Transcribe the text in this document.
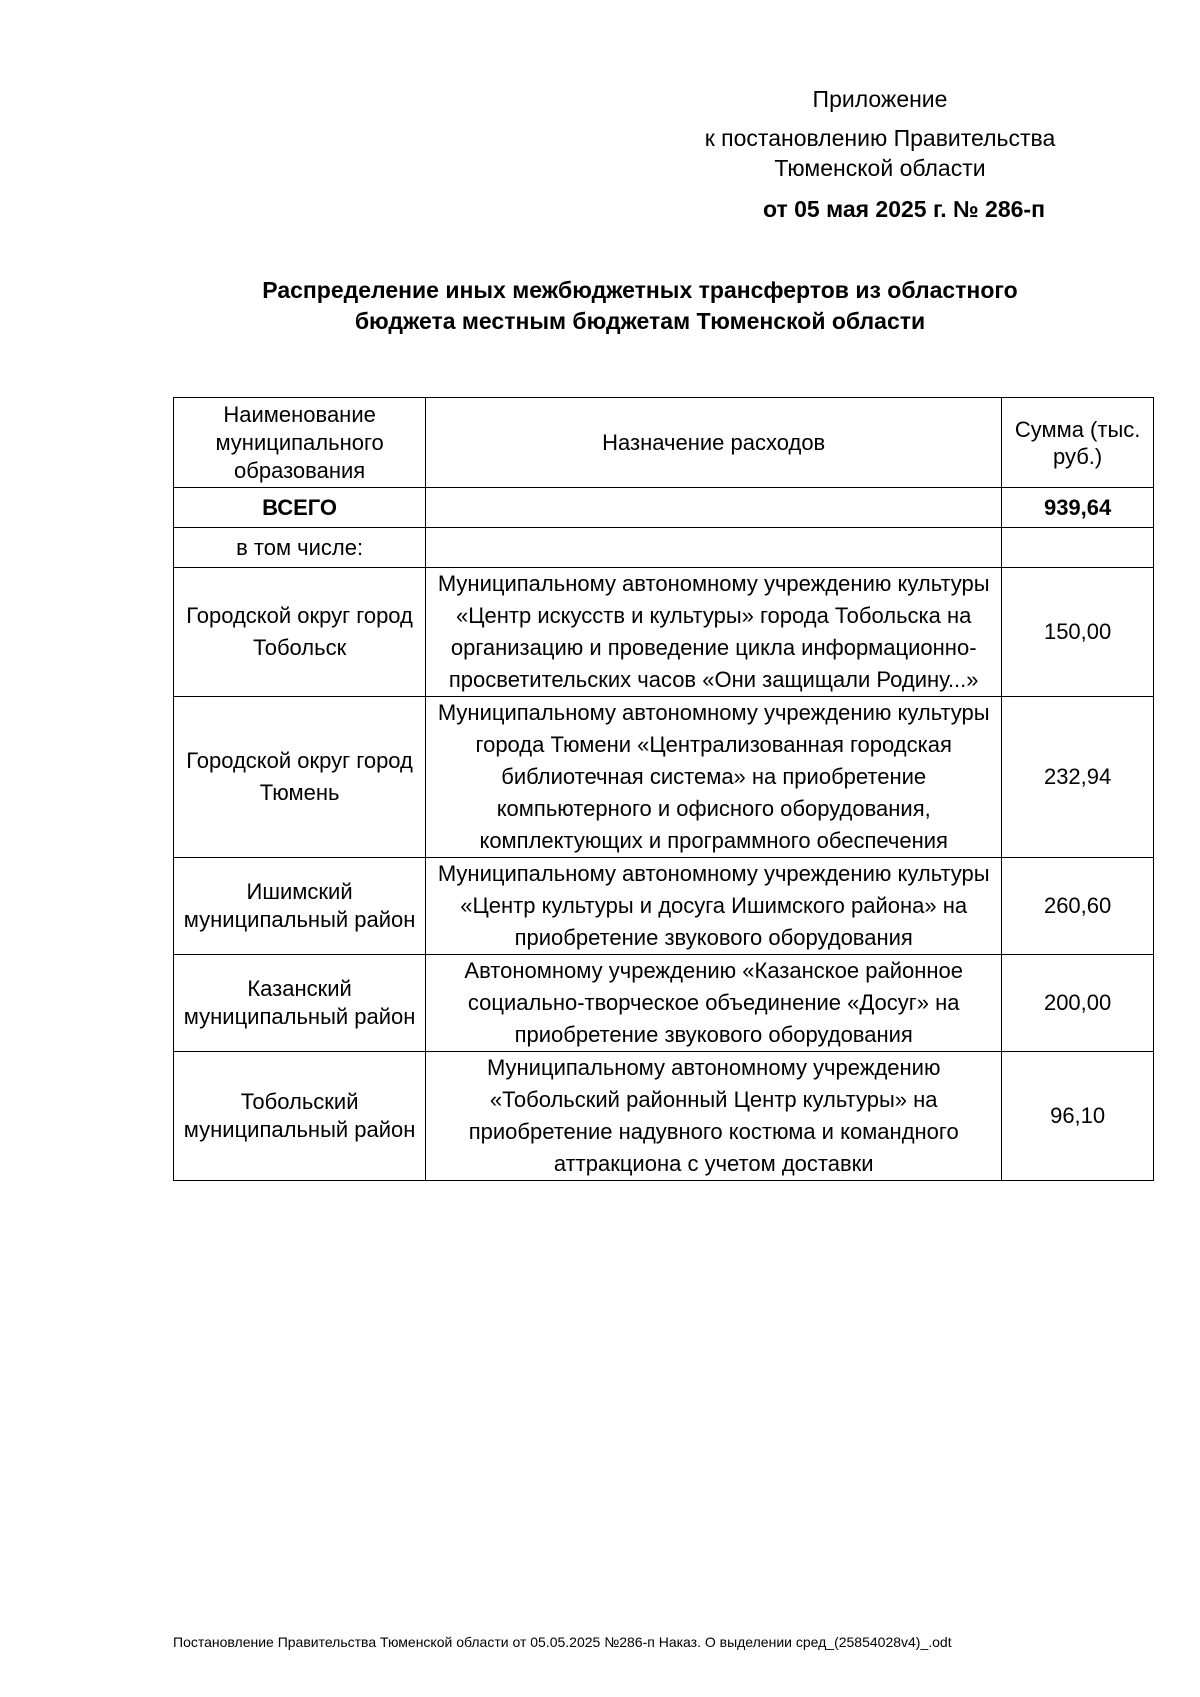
Приложение
к постановлению Правительства
Тюменской области
от 05 мая 2025 г. № 286-п
Распределение иных межбюджетных трансфертов из областного
бюджета местным бюджетам Тюменской области
Наименование муниципального образования	Назначение расходов	Сумма (тыс. руб.)
ВСЕГО		939,64
в том числе:		
Городской округ город Тобольск	Муниципальному автономному учреждению культуры «Центр искусств и культуры» города Тобольска на организацию и проведение цикла информационно-просветительских часов «Они защищали Родину...»	150,00
Городской округ город Тюмень	Муниципальному автономному учреждению культуры города Тюмени «Централизованная городская библиотечная система» на приобретение компьютерного и офисного оборудования, комплектующих и программного обеспечения	232,94
Ишимский муниципальный район	Муниципальному автономному учреждению культуры «Центр культуры и досуга Ишимского района» на приобретение звукового оборудования	260,60
Казанский муниципальный район	Автономному учреждению «Казанское районное социально-творческое объединение «Досуг» на приобретение звукового оборудования	200,00
Тобольский муниципальный район	Муниципальному автономному учреждению «Тобольский районный Центр культуры» на приобретение надувного костюма и командного аттракциона с учетом доставки	96,10
Постановление Правительства Тюменской области от 05.05.2025 №286-п Наказ. О выделении сред_(25854028v4)_.odt
